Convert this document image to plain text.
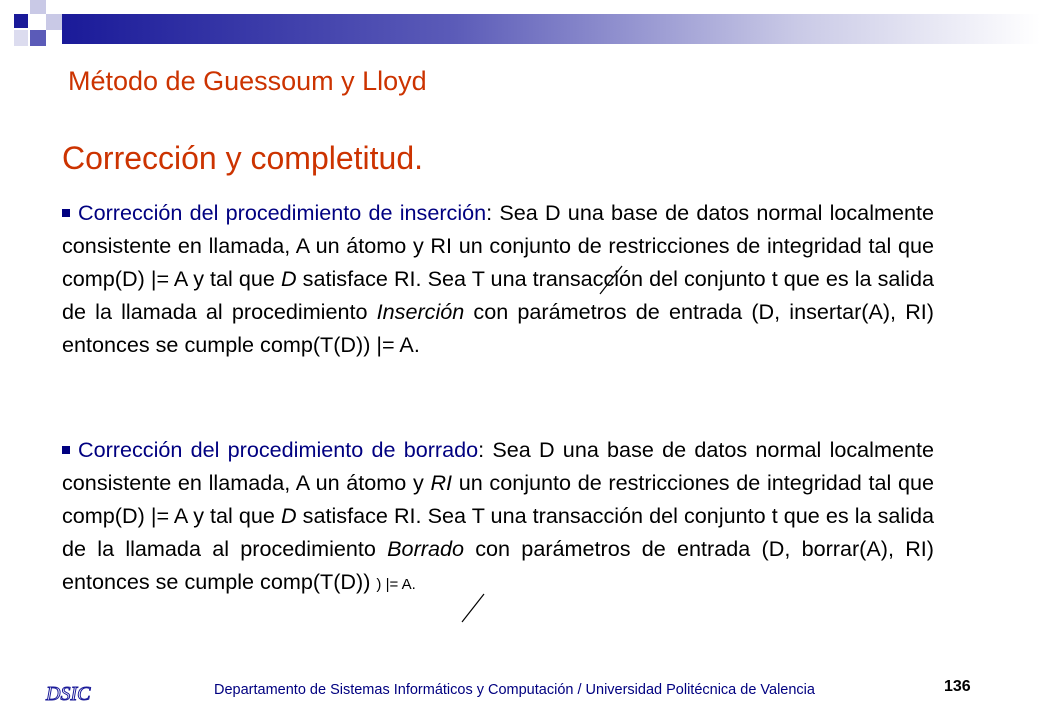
Método de Guessoum y Lloyd
Corrección y completitud.
Corrección del procedimiento de inserción: Sea D una base de datos normal localmente consistente en llamada, A un átomo y RI un conjunto de restricciones de integridad tal que comp(D) |= A y tal que D satisface RI. Sea T una transacción del conjunto t que es la salida de la llamada al procedimiento Inserción con parámetros de entrada (D, insertar(A), RI) entonces se cumple comp(T(D)) |= A.
Corrección del procedimiento de borrado: Sea D una base de datos normal localmente consistente en llamada, A un átomo y RI un conjunto de restricciones de integridad tal que comp(D) |= A y tal que D satisface RI. Sea T una transacción del conjunto t que es la salida de la llamada al procedimiento Borrado con parámetros de entrada (D, borrar(A), RI) entonces se cumple comp(T(D)) ) |= A.
DSIC	Departamento de Sistemas Informáticos y Computación / Universidad Politécnica de Valencia	136
